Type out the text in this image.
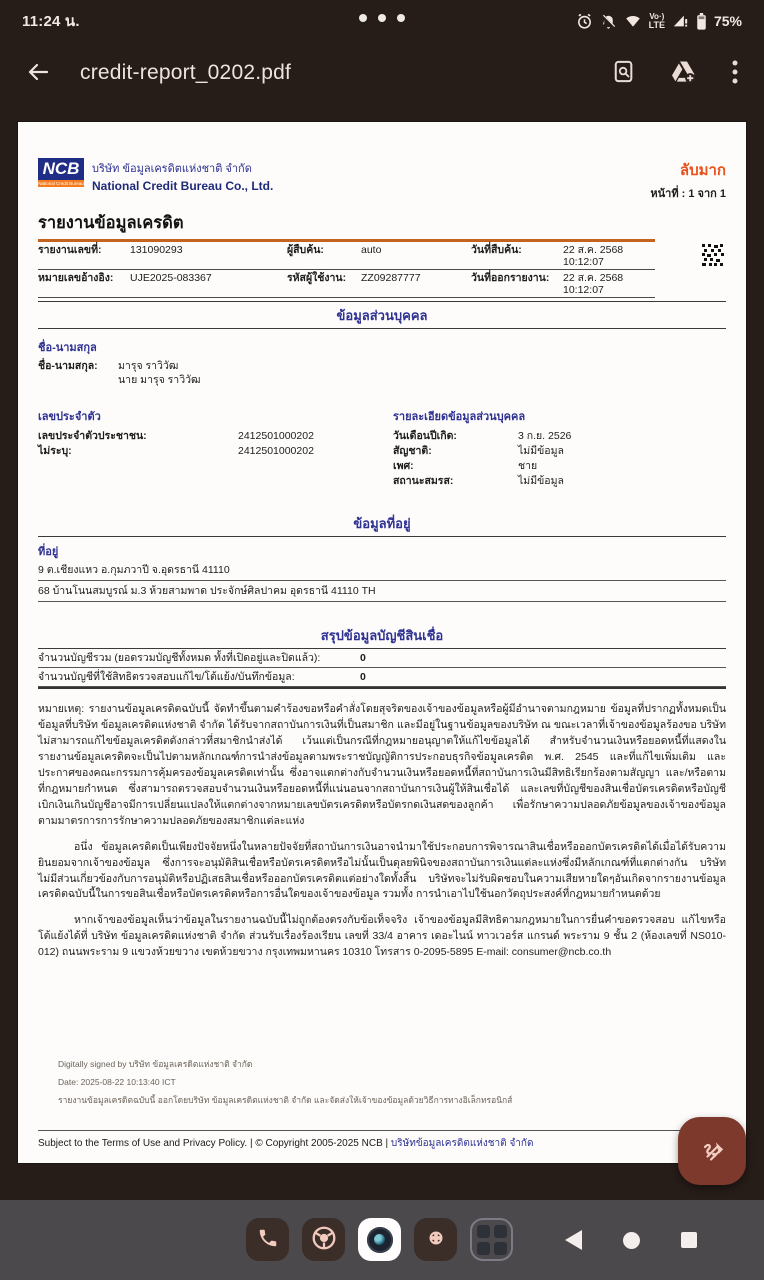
11:24 น.	Vo·)
LTE	75%
credit-report_0202.pdf
NCB
National Credit Bureau
บริษัท ข้อมูลเครดิตแห่งชาติ จำกัด
National Credit Bureau Co., Ltd.
ลับมาก
หน้าที่ : 1 จาก 1
รายงานข้อมูลเครดิต
รายงานเลขที่:	131090293	ผู้สืบค้น:	auto	วันที่สืบค้น:	22 ส.ค. 2568 10:12:07
หมายเลขอ้างอิง:	UJE2025-083367	รหัสผู้ใช้งาน:	ZZ09287777	วันที่ออกรายงาน:	22 ส.ค. 2568 10:12:07
ข้อมูลส่วนบุคคล
ชื่อ-นามสกุล
ชื่อ-นามสกุล:	มารุจ ราวิวัฒ
นาย มารุจ ราวิวัฒ
เลขประจำตัว
เลขประจำตัวประชาชน:	2412501000202
ไม่ระบุ:	2412501000202
รายละเอียดข้อมูลส่วนบุคคล
วันเดือนปีเกิด:	3 ก.ย. 2526
สัญชาติ:	ไม่มีข้อมูล
เพศ:	ชาย
สถานะสมรส:	ไม่มีข้อมูล
ข้อมูลที่อยู่
ที่อยู่
9 ต.เชียงแหว อ.กุมภวาปี จ.อุดรธานี 41110
68 บ้านโนนสมบูรณ์ ม.3 ห้วยสามพาด ประจักษ์ศิลปาคม อุดรธานี 41110 TH
สรุปข้อมูลบัญชีสินเชื่อ
จำนวนบัญชีรวม (ยอดรวมบัญชีทั้งหมด ทั้งที่เปิดอยู่และปิดแล้ว):	0
จำนวนบัญชีที่ใช้สิทธิตรวจสอบแก้ไข/โต้แย้ง/บันทึกข้อมูล:	0

หมายเหตุ: รายงานข้อมูลเครดิตฉบับนี้ จัดทำขึ้นตามคำร้องขอหรือคำสั่งโดยสุจริตของเจ้าของข้อมูลหรือผู้มีอำนาจตามกฎหมาย ข้อมูลที่ปรากฏทั้งหมดเป็นข้อมูลที่บริษัท ข้อมูลเครดิตแห่งชาติ จำกัด ได้รับจากสถาบันการเงินที่เป็นสมาชิก และมีอยู่ในฐานข้อมูลของบริษัท ณ ขณะเวลาที่เจ้าของข้อมูลร้องขอ บริษัทไม่สามารถแก้ไขข้อมูลเครดิตดังกล่าวที่สมาชิกนำส่งได้ เว้นแต่เป็นกรณีที่กฎหมายอนุญาตให้แก้ไขข้อมูลได้ สำหรับจำนวนเงินหรือยอดหนี้ที่แสดงในรายงานข้อมูลเครดิตจะเป็นไปตามหลักเกณฑ์การนำส่งข้อมูลตามพระราชบัญญัติการประกอบธุรกิจข้อมูลเครดิต พ.ศ. 2545 และที่แก้ไขเพิ่มเติม และประกาศของคณะกรรมการคุ้มครองข้อมูลเครดิตเท่านั้น ซึ่งอาจแตกต่างกับจำนวนเงินหรือยอดหนี้ที่สถาบันการเงินมีสิทธิเรียกร้องตามสัญญา และ/หรือตามที่กฎหมายกำหนด ซึ่งสามารถตรวจสอบจำนวนเงินหรือยอดหนี้ที่แน่นอนจากสถาบันการเงินผู้ให้สินเชื่อได้ และเลขที่บัญชีของสินเชื่อบัตรเครดิตหรือบัญชีเบิกเงินเกินบัญชีอาจมีการเปลี่ยนแปลงให้แตกต่างจากหมายเลขบัตรเครดิตหรือบัตรกดเงินสดของลูกค้า เพื่อรักษาความปลอดภัยข้อมูลของเจ้าของข้อมูลตามมาตรการการรักษาความปลอดภัยของสมาชิกแต่ละแห่ง

อนึ่ง ข้อมูลเครดิตเป็นเพียงปัจจัยหนึ่งในหลายปัจจัยที่สถาบันการเงินอาจนำมาใช้ประกอบการพิจารณาสินเชื่อหรือออกบัตรเครดิตได้เมื่อได้รับความยินยอมจากเจ้าของข้อมูล ซึ่งการจะอนุมัติสินเชื่อหรือบัตรเครดิตหรือไม่นั้นเป็นดุลยพินิจของสถาบันการเงินแต่ละแห่งซึ่งมีหลักเกณฑ์ที่แตกต่างกัน บริษัทไม่มีส่วนเกี่ยวข้องกับการอนุมัติหรือปฏิเสธสินเชื่อหรือออกบัตรเครดิตแต่อย่างใดทั้งสิ้น บริษัทจะไม่รับผิดชอบในความเสียหายใดๆอันเกิดจากรายงานข้อมูลเครดิตฉบับนี้ในการขอสินเชื่อหรือบัตรเครดิตหรือการอื่นใดของเจ้าของข้อมูล รวมทั้ง การนำเอาไปใช้นอกวัตถุประสงค์ที่กฎหมายกำหนดด้วย

หากเจ้าของข้อมูลเห็นว่าข้อมูลในรายงานฉบับนี้ไม่ถูกต้องตรงกับข้อเท็จจริง เจ้าของข้อมูลมีสิทธิตามกฎหมายในการยื่นคำขอตรวจสอบ แก้ไขหรือโต้แย้งได้ที่ บริษัท ข้อมูลเครดิตแห่งชาติ จำกัด ส่วนรับเรื่องร้องเรียน เลขที่ 33/4 อาคาร เดอะไนน์ ทาวเวอร์ส แกรนด์ พระราม 9 ชั้น 2 (ห้องเลขที่ NS010-012) ถนนพระราม 9 แขวงห้วยขวาง เขตห้วยขวาง กรุงเทพมหานคร 10310 โทรสาร 0-2095-5895 E-mail: consumer@ncb.co.th

Digitally signed by บริษัท ข้อมูลเครดิตแห่งชาติ จำกัด
Date: 2025-08-22 10:13:40 ICT
รายงานข้อมูลเครดิตฉบับนี้ ออกโดยบริษัท ข้อมูลเครดิตแห่งชาติ จำกัด และจัดส่งให้เจ้าของข้อมูลด้วยวิธีการทางอิเล็กทรอนิกส์
Subject to the Terms of Use and Privacy Policy. | © Copyright 2005-2025 NCB | บริษัทข้อมูลเครดิตแห่งชาติ จำกัด
